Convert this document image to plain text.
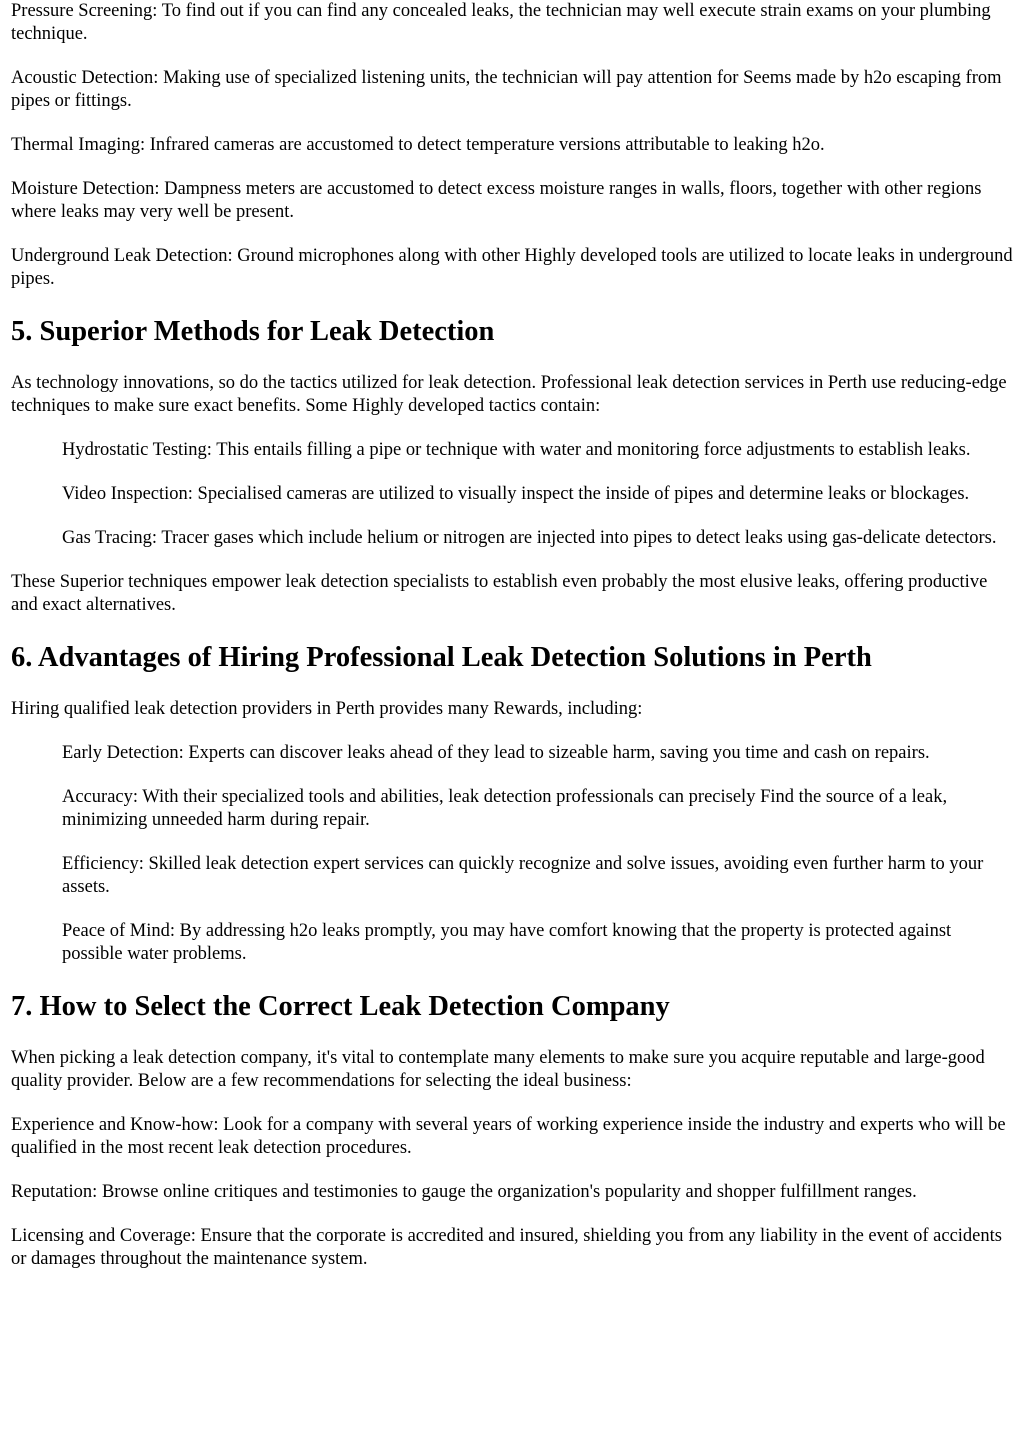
Pressure Screening: To find out if you can find any concealed leaks, the technician may well execute strain exams on your plumbing technique.

Acoustic Detection: Making use of specialized listening units, the technician will pay attention for Seems made by h2o escaping from pipes or fittings.

Thermal Imaging: Infrared cameras are accustomed to detect temperature versions attributable to leaking h2o.

Moisture Detection: Dampness meters are accustomed to detect excess moisture ranges in walls, floors, together with other regions where leaks may very well be present.

Underground Leak Detection: Ground microphones along with other Highly developed tools are utilized to locate leaks in underground pipes.

5. Superior Methods for Leak Detection

As technology innovations, so do the tactics utilized for leak detection. Professional leak detection services in Perth use reducing-edge techniques to make sure exact benefits. Some Highly developed tactics contain:

Hydrostatic Testing: This entails filling a pipe or technique with water and monitoring force adjustments to establish leaks.

Video Inspection: Specialised cameras are utilized to visually inspect the inside of pipes and determine leaks or blockages.

Gas Tracing: Tracer gases which include helium or nitrogen are injected into pipes to detect leaks using gas-delicate detectors.

These Superior techniques empower leak detection specialists to establish even probably the most elusive leaks, offering productive and exact alternatives.

6. Advantages of Hiring Professional Leak Detection Solutions in Perth

Hiring qualified leak detection providers in Perth provides many Rewards, including:

Early Detection: Experts can discover leaks ahead of they lead to sizeable harm, saving you time and cash on repairs.

Accuracy: With their specialized tools and abilities, leak detection professionals can precisely Find the source of a leak, minimizing unneeded harm during repair.

Efficiency: Skilled leak detection expert services can quickly recognize and solve issues, avoiding even further harm to your assets.

Peace of Mind: By addressing h2o leaks promptly, you may have comfort knowing that the property is protected against possible water problems.

7. How to Select the Correct Leak Detection Company

When picking a leak detection company, it's vital to contemplate many elements to make sure you acquire reputable and large-good quality provider. Below are a few recommendations for selecting the ideal business:

Experience and Know-how: Look for a company with several years of working experience inside the industry and experts who will be qualified in the most recent leak detection procedures.

Reputation: Browse online critiques and testimonies to gauge the organization's popularity and shopper fulfillment ranges.

Licensing and Coverage: Ensure that the corporate is accredited and insured, shielding you from any liability in the event of accidents or damages throughout the maintenance system.
